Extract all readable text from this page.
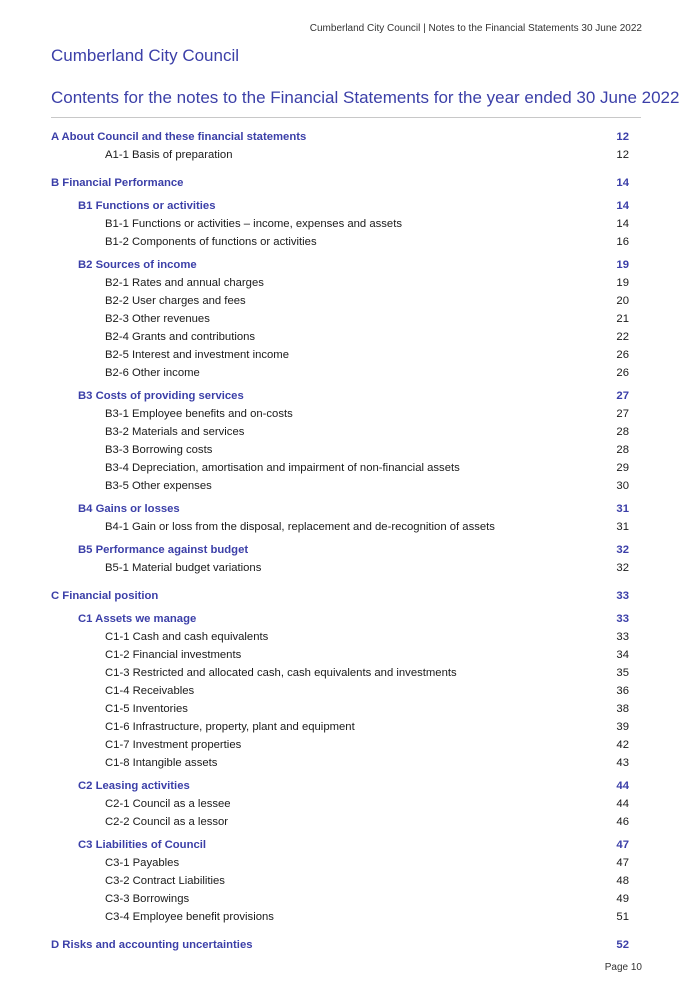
Cumberland City Council | Notes to the Financial Statements 30 June 2022
Cumberland City Council
Contents for the notes to the Financial Statements for the year ended 30 June 2022
A About Council and these financial statements	12
A1-1 Basis of preparation	12
B Financial Performance	14
B1 Functions or activities	14
B1-1 Functions or activities – income, expenses and assets	14
B1-2 Components of functions or activities	16
B2 Sources of income	19
B2-1 Rates and annual charges	19
B2-2 User charges and fees	20
B2-3 Other revenues	21
B2-4 Grants and contributions	22
B2-5 Interest and investment income	26
B2-6 Other income	26
B3 Costs of providing services	27
B3-1 Employee benefits and on-costs	27
B3-2 Materials and services	28
B3-3 Borrowing costs	28
B3-4 Depreciation, amortisation and impairment of non-financial assets	29
B3-5 Other expenses	30
B4 Gains or losses	31
B4-1 Gain or loss from the disposal, replacement and de-recognition of assets	31
B5 Performance against budget	32
B5-1 Material budget variations	32
C Financial position	33
C1 Assets we manage	33
C1-1 Cash and cash equivalents	33
C1-2 Financial investments	34
C1-3 Restricted and allocated cash, cash equivalents and investments	35
C1-4 Receivables	36
C1-5 Inventories	38
C1-6 Infrastructure, property, plant and equipment	39
C1-7 Investment properties	42
C1-8 Intangible assets	43
C2 Leasing activities	44
C2-1 Council as a lessee	44
C2-2 Council as a lessor	46
C3 Liabilities of Council	47
C3-1 Payables	47
C3-2 Contract Liabilities	48
C3-3 Borrowings	49
C3-4 Employee benefit provisions	51
D Risks and accounting uncertainties	52
Page 10
